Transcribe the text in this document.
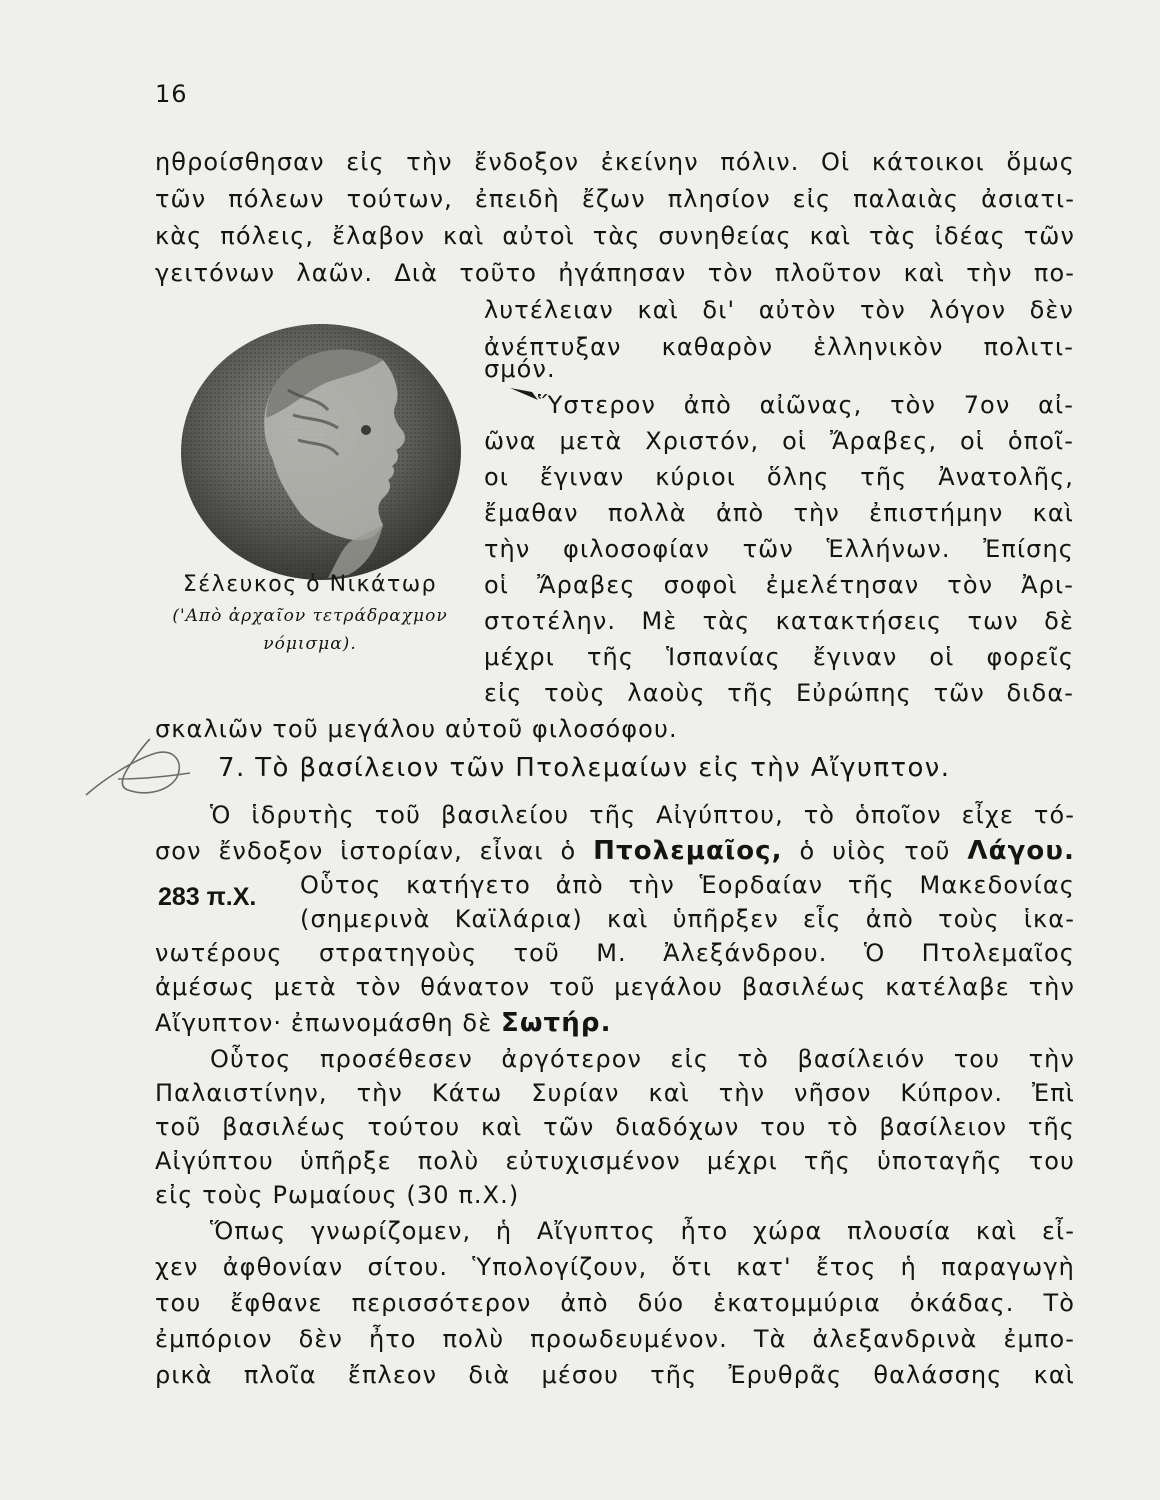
16
ηθροίσθησαν εἰς τὴν ἔνδοξον ἐκείνην πόλιν. Οἱ κάτοικοι ὅμως
τῶν πόλεων τούτων, ἐπειδὴ ἔζων πλησίον εἰς παλαιὰς ἀσιατι-
κὰς πόλεις, ἔλαβον καὶ αὐτοὶ τὰς συνηθείας καὶ τὰς ἰδέας τῶν
γειτόνων λαῶν. Διὰ τοῦτο ἠγάπησαν τὸν πλοῦτον καὶ τὴν πο-
λυτέλειαν καὶ δι' αὐτὸν τὸν λόγον δὲν
ἀνέπτυξαν καθαρὸν ἑλληνικὸν πολιτι-
σμόν.
Ὕστερον ἀπὸ αἰῶνας, τὸν 7ον αἰ-
ῶνα μετὰ Χριστόν, οἱ Ἄραβες, οἱ ὁποῖ-
οι ἔγιναν κύριοι ὅλης τῆς Ἀνατολῆς,
ἔμαθαν πολλὰ ἀπὸ τὴν ἐπιστήμην καὶ
τὴν φιλοσοφίαν τῶν Ἑλλήνων. Ἐπίσης
οἱ Ἄραβες σοφοὶ ἐμελέτησαν τὸν Ἀρι-
στοτέλην. Μὲ τὰς κατακτήσεις των δὲ
μέχρι τῆς Ἱσπανίας ἔγιναν οἱ φορεῖς
εἰς τοὺς λαοὺς τῆς Εὐρώπης τῶν διδα-
σκαλιῶν τοῦ μεγάλου αὐτοῦ φιλοσόφου.
Σέλευκος ὁ Νικάτωρ
('Aπὸ ἀρχαῖον τετράδραχμον
νόμισμα).
7. Τὸ βασίλειον τῶν Πτολεμαίων εἰς τὴν Αἴγυπτον.
Ὁ ἱδρυτὴς τοῦ βασιλείου τῆς Αἰγύπτου, τὸ ὁποῖον εἶχε τό-
σον ἔνδοξον ἱστορίαν, εἶναι ὁ Πτολεμαῖος, ὁ υἱὸς τοῦ Λάγου.
283 π.Χ. Οὗτος κατήγετο ἀπὸ τὴν Ἑορδαίαν τῆς Μακεδονίας
(σημερινὰ Καϊλάρια) καὶ ὑπῆρξεν εἷς ἀπὸ τοὺς ἱκα-
νωτέρους στρατηγοὺς τοῦ Μ. Ἀλεξάνδρου. Ὁ Πτολεμαῖος
ἀμέσως μετὰ τὸν θάνατον τοῦ μεγάλου βασιλέως κατέλαβε τὴν
Αἴγυπτον· ἐπωνομάσθη δὲ Σωτήρ.
Οὗτος προσέθεσεν ἀργότερον εἰς τὸ βασίλειόν του τὴν
Παλαιστίνην, τὴν Κάτω Συρίαν καὶ τὴν νῆσον Κύπρον. Ἐπὶ
τοῦ βασιλέως τούτου καὶ τῶν διαδόχων του τὸ βασίλειον τῆς
Αἰγύπτου ὑπῆρξε πολὺ εὐτυχισμένον μέχρι τῆς ὑποταγῆς του
εἰς τοὺς Ρωμαίους (30 π.Χ.)
Ὅπως γνωρίζομεν, ἡ Αἴγυπτος ἦτο χώρα πλουσία καὶ εἶ-
χεν ἀφθονίαν σίτου. Ὑπολογίζουν, ὅτι κατ' ἔτος ἡ παραγωγὴ
του ἔφθανε περισσότερον ἀπὸ δύο ἑκατομμύρια ὀκάδας. Τὸ
ἐμπόριον δὲν ἦτο πολὺ προωδευμένον. Τὰ ἀλεξανδρινὰ ἐμπο-
ρικὰ πλοῖα ἔπλεον διὰ μέσου τῆς Ἐρυθρᾶς θαλάσσης καὶ
